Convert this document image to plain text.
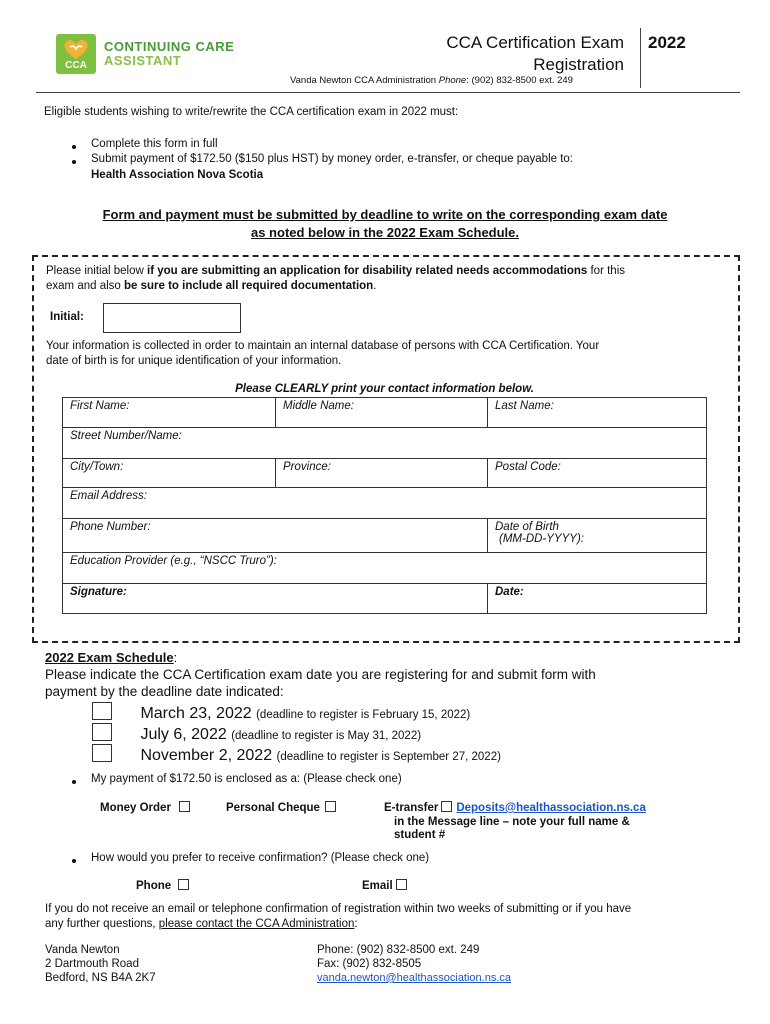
CCA
CONTINUING CARE
ASSISTANT
CCA Certification Exam
Registration
2022
Vanda Newton CCA Administration Phone: (902) 832-8500 ext. 249
Eligible students wishing to write/rewrite the CCA certification exam in 2022 must:
Complete this form in full
Submit payment of $172.50 ($150 plus HST) by money order, e-transfer, or cheque payable to:
Health Association Nova Scotia
Form and payment must be submitted by deadline to write on the corresponding exam date
as noted below in the 2022 Exam Schedule.
Please initial below if you are submitting an application for disability related needs accommodations for this
exam and also be sure to include all required documentation.
Initial:
Your information is collected in order to maintain an internal database of persons with CCA Certification. Your
date of birth is for unique identification of your information.
Please CLEARLY print your contact information below.
First Name:	Middle Name:	Last Name:
Street Number/Name:		
City/Town:	Province:	Postal Code:
Email Address:		
Phone Number:		Date of Birth
(MM-DD-YYYY):

Education Provider (e.g., “NSCC Truro”):		
Signature:		Date:
2022 Exam Schedule:
Please indicate the CCA Certification exam date you are registering for and submit form with
payment by the deadline date indicated:
March 23, 2022 (deadline to register is February 15, 2022)
July 6, 2022 (deadline to register is May 31, 2022)
November 2, 2022 (deadline to register is September 27, 2022)
My payment of $172.50 is enclosed as a: (Please check one)
Money Order	Personal Cheque	E-transfer Deposits@healthassociation.ns.ca
in the Message line – note your full name &
student #
How would you prefer to receive confirmation? (Please check one)
Phone	Email
If you do not receive an email or telephone confirmation of registration within two weeks of submitting or if you have
any further questions, please contact the CCA Administration:
Vanda Newton
2 Dartmouth Road
Bedford, NS B4A 2K7
Phone: (902) 832-8500 ext. 249
Fax: (902) 832-8505
vanda.newton@healthassociation.ns.ca
